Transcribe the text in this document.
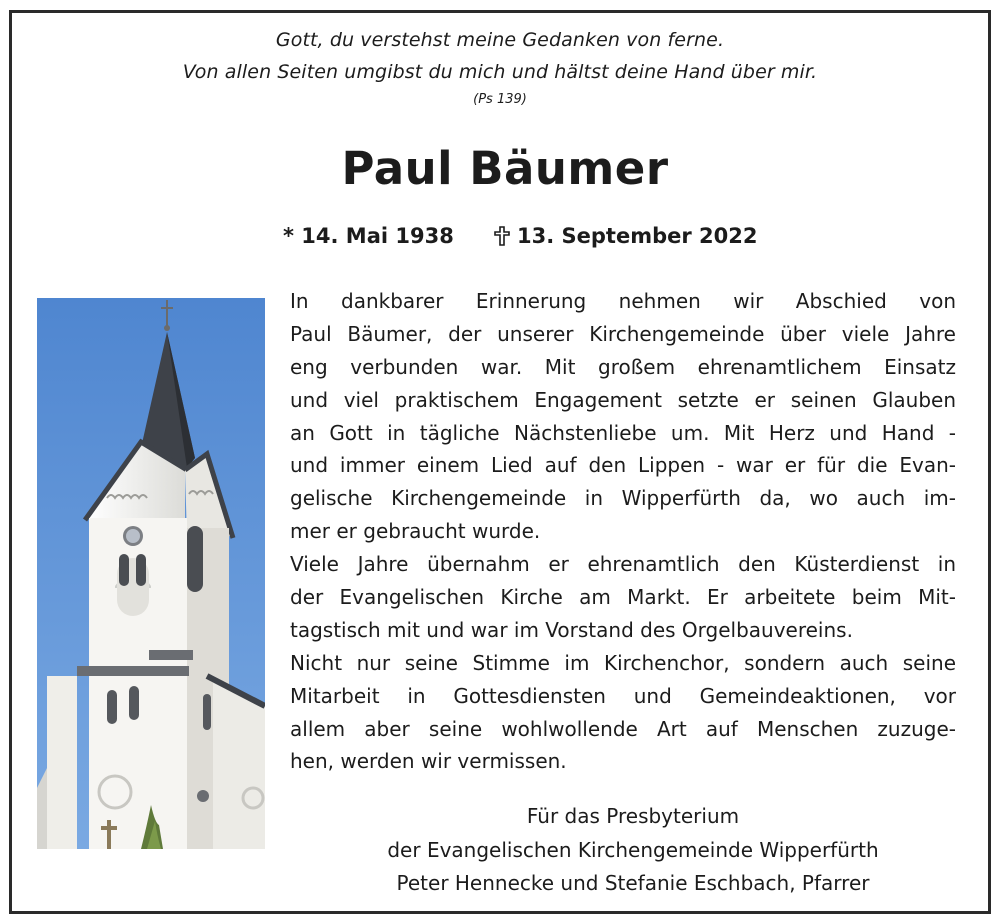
Gott, du verstehst meine Gedanken von ferne.
Von allen Seiten umgibst du mich und hältst deine Hand über mir.
(Ps 139)
Paul Bäumer
* 14. Mai 1938	13. September 2022
In dankbarer Erinnerung nehmen wir Abschied von
Paul Bäumer, der unserer Kirchengemeinde über viele Jahre
eng verbunden war. Mit großem ehrenamtlichem Einsatz
und viel praktischem Engagement setzte er seinen Glauben
an Gott in tägliche Nächstenliebe um. Mit Herz und Hand -
und immer einem Lied auf den Lippen - war er für die Evan-
gelische Kirchengemeinde in Wipperfürth da, wo auch im-
mer er gebraucht wurde.
Viele Jahre übernahm er ehrenamtlich den Küsterdienst in
der Evangelischen Kirche am Markt. Er arbeitete beim Mit-
tagstisch mit und war im Vorstand des Orgelbauvereins.
Nicht nur seine Stimme im Kirchenchor, sondern auch seine
Mitarbeit in Gottesdiensten und Gemeindeaktionen, vor
allem aber seine wohlwollende Art auf Menschen zuzuge-
hen, werden wir vermissen.
Für das Presbyterium
der Evangelischen Kirchengemeinde Wipperfürth
Peter Hennecke und Stefanie Eschbach, Pfarrer
